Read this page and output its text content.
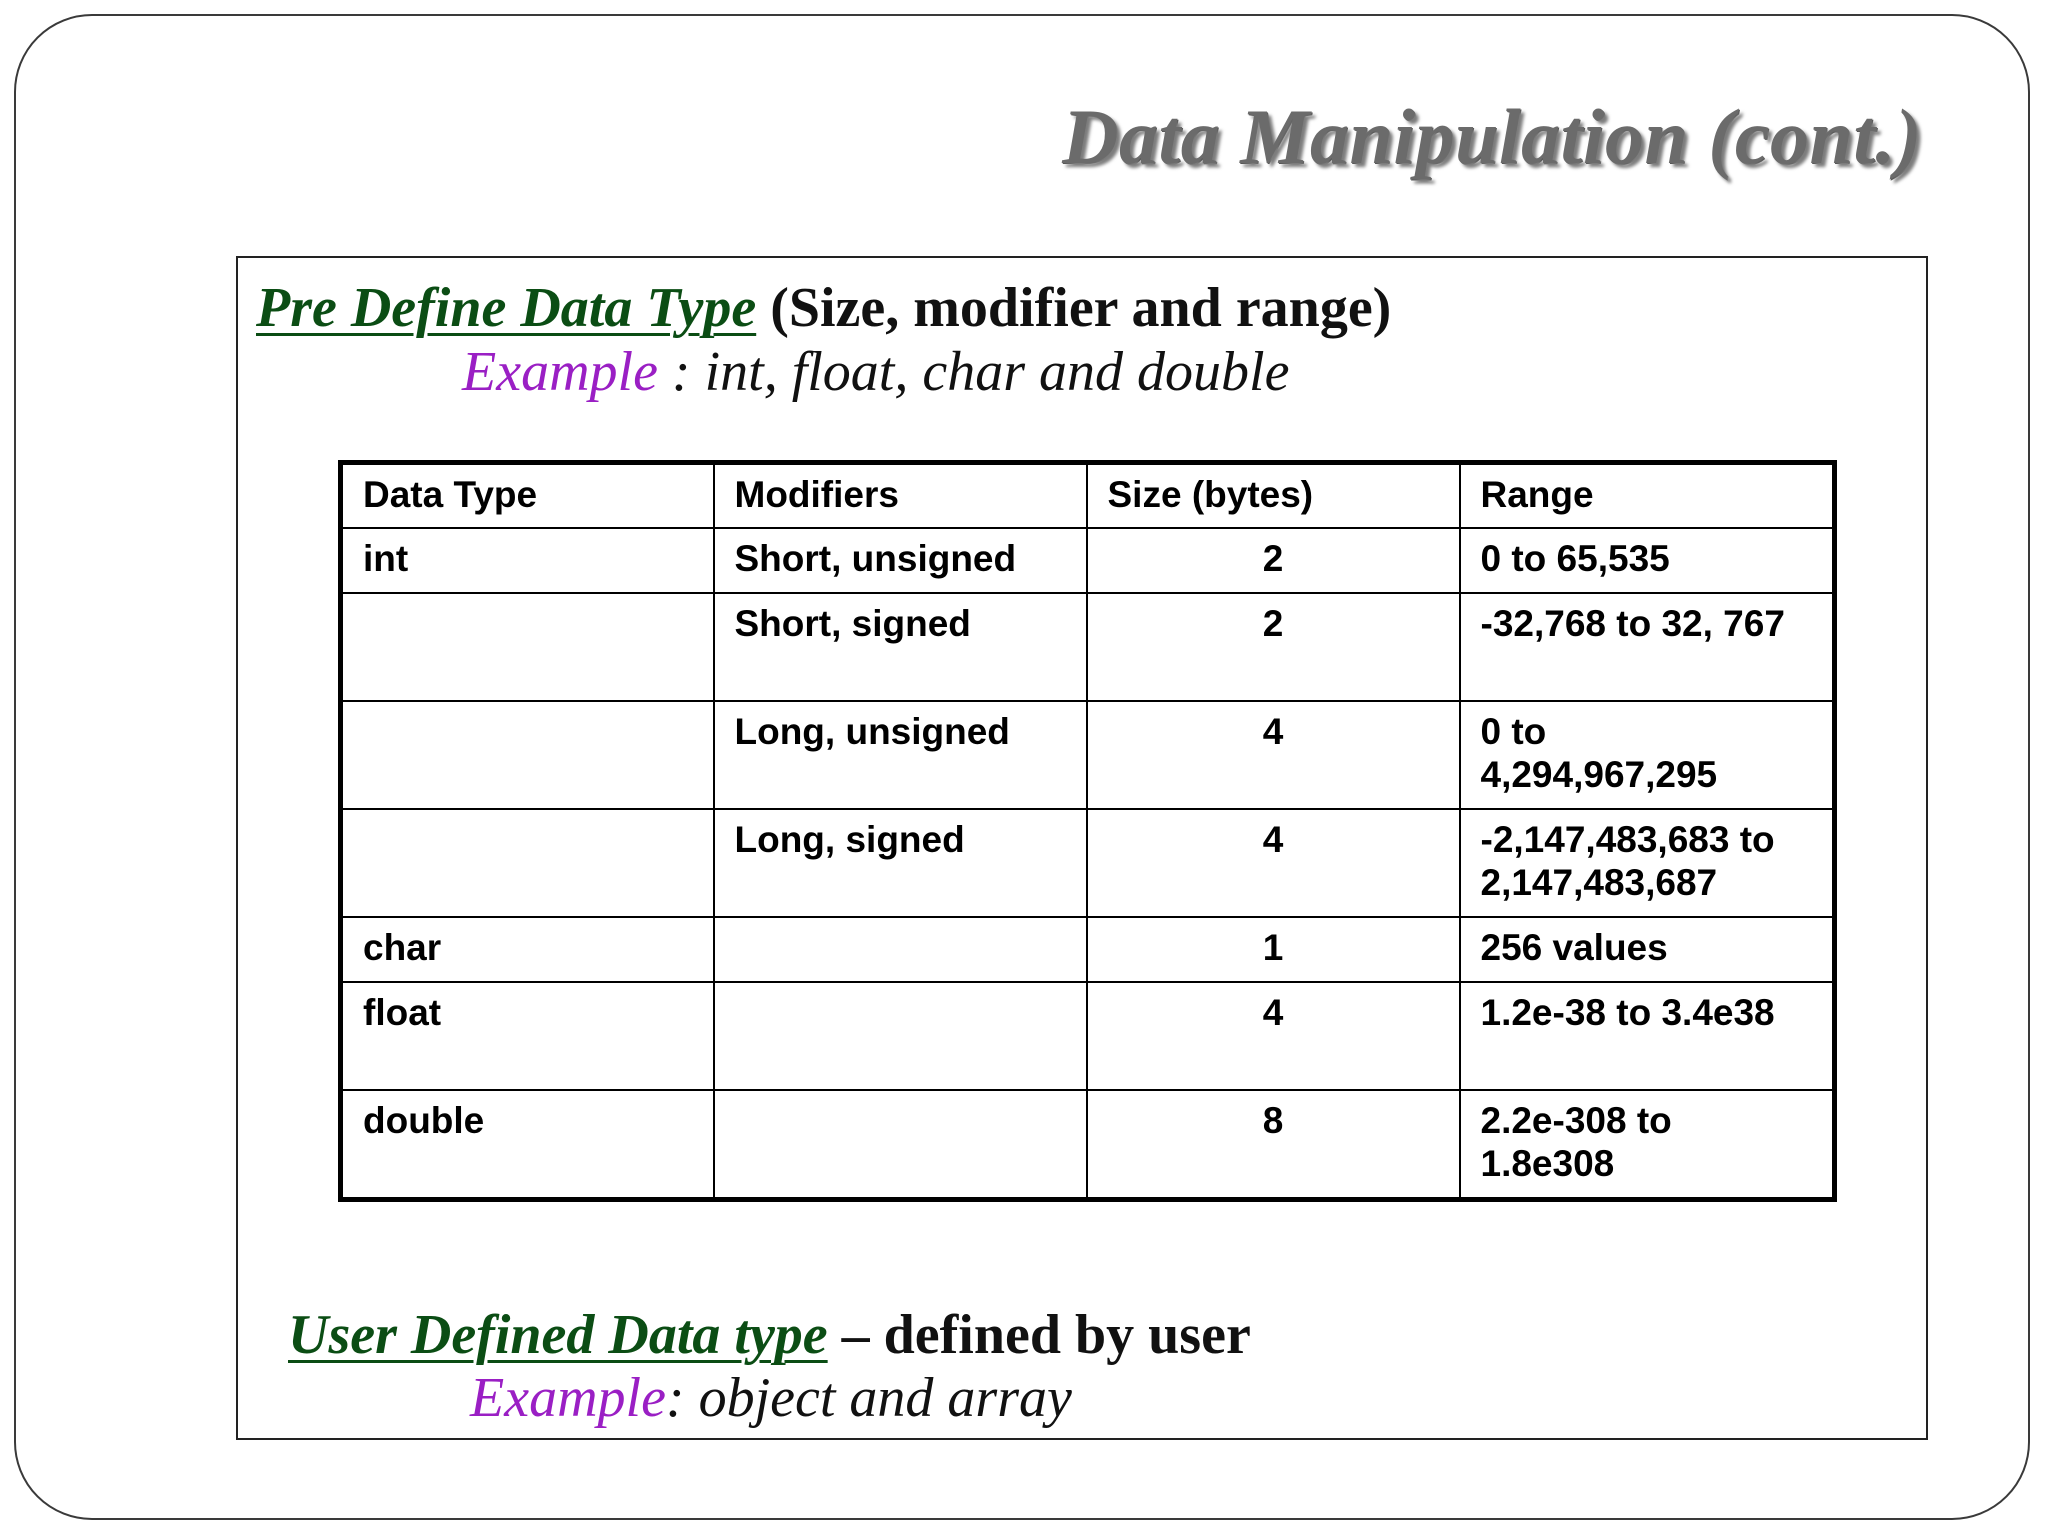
Data Manipulation (cont.)
Pre Define Data Type (Size, modifier and range)
Example : int, float, char and double
Data Type	Modifiers	Size (bytes)	Range
int	Short, unsigned	2	0 to 65,535
	Short, signed	2	-32,768 to 32, 767
	Long, unsigned	4	0 to
4,294,967,295

	Long, signed	4	-2,147,483,683 to
2,147,483,687

char		1	256 values
float		4	1.2e-38 to 3.4e38
double		8	2.2e-308 to
1.8e308
User Defined Data type – defined by user
Example: object and array
